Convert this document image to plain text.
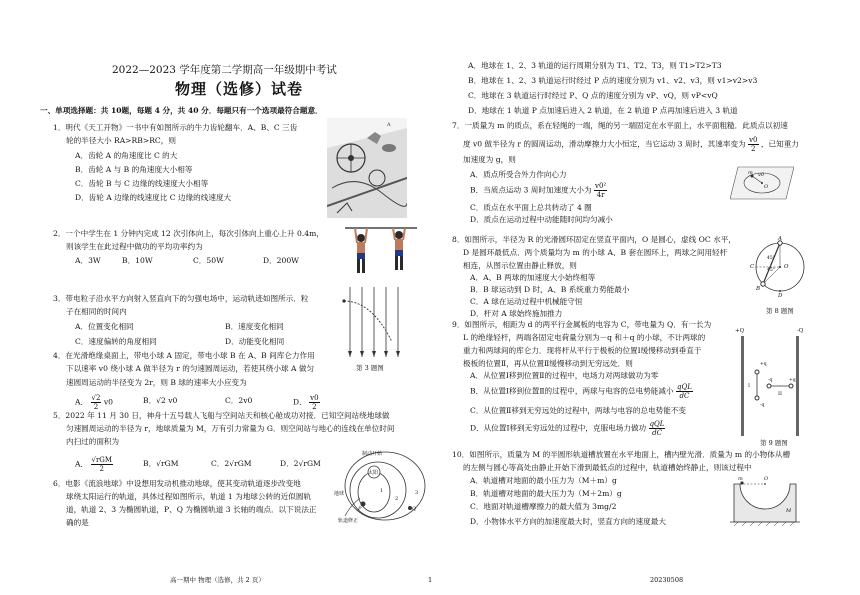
2022—2023 学年度第二学期高一年级期中考试
物理（选修）试卷
一、单项选择题：共 10题，每题 4 分，共 40 分．每题只有一个选项最符合题意．
1．明代《天工开物》一书中有如图所示的牛力齿轮翻车．A、B、C 三齿
轮的半径大小 RA>RB>RC，则
A．齿轮 A 的角速度比 C 的大
B．齿轮 A 与 B 的角速度大小相等
C．齿轮 B 与 C 边缘的线速度大小相等
D．齿轮 A 边缘的线速度比 C 边缘的线速度大
A
2．一个中学生在 1 分钟内完成 12 次引体向上，每次引体向上重心上升 0.4m，
则该学生在此过程中做功的平均功率约为
A．3W	B．10W	C．50W	D．200W
3．带电粒子沿水平方向射入竖直向下的匀强电场中，运动轨迹如图所示．粒
子在相同的时间内
A．位置变化相同	B．速度变化相同
C．速度偏转的角度相同	D．动能变化相同
第 3 题图
4．在光滑绝缘桌面上，带电小球 A 固定，带电小球 B 在 A、B 间库仑力作用
下以速率 v0 绕小球 A 做半径为 r 的匀速圆周运动，若使其绕小球 A 做匀
速圆周运动的半径变为 2r，则 B 球的速率大小应变为
A． $\frac{√2}{2} v0$	B．√2 v0	C．2v0	D． $\frac{v0}{2}$
5．2022 年 11 月 30 日，神舟十五号载人飞船与空间站天和核心舱成功对接．已知空间站绕地球做
匀速圆周运动的半径为 r，地球质量为 M，万有引力常量为 G．则空间站与地心的连线在单位时间
内扫过的面积为
A． √rGM
2
B．√rGM	C．2√rGM	D．2√rGM
6．电影《流浪地球》中设想用发动机推动地球，使其变动轨道逐步改变地
球绕太阳运行的轨道，具体过程如图所示，轨道 1 为地球公转的近似圆轨
道，轨道 2、3 为椭圆轨道，P、Q 为椭圆轨道 3 长轴的端点．以下说法正
确的是
制动开始
太阳
地球
轨道修正
P	Q
1
2
3
高一期中 物理（选修，共 2 页）	1	20230508
A．地球在 1、2、3 轨道的运行周期分别为 T1、T2、T3，则 T1>T2>T3
B．地球在 1、2、3 轨道运行时经过 P 点的速度分别为 v1、v2、v3，则 v1>v2>v3
C．地球在 3 轨道运行时经过 P、Q 点的速度分别为 vP、vQ，则 vP<vQ
D．地球在 1 轨道 P 点加速后进入 2 轨道，在 2 轨道 P 点再加速后进入 3 轨道
7．一质量为 m 的质点，系在轻绳的一端，绳的另一端固定在水平面上，水平面粗糙．此质点以初速
度 v0 做半径为 r 的圆周运动，滑动摩擦力大小恒定，当它运动 3 周时，其速率变为 $\frac{v0}{2}$ ，已知重力
加速度为 g，则
A．质点所受合外力作向心力
B．当质点运动 3 周时加速度大小为 $\frac{\text{v0²}}{4r}$
C．质点在水平面上总共转动了 4 圈
D．质点在运动过程中动能随时间均匀减小
m v0
O
8．如图所示，半径为 R 的光滑圆环固定在竖直平面内，O 是圆心，虚线 OC 水平，
D 是圆环最低点．两个质量均为 m 的小球 A、B 套在圆环上，两球之间用轻杆
相连，从图示位置由静止释放，则
A．A、B 两球的加速度大小始终相等
B．B 球运动到 D 时，A、B 系统重力势能最小
C．A 球在运动过程中机械能守恒
D．杆对 A 球始终施加推力
A
B
C
D
O
45°
45°
第 8 题图
9．如图所示，相距为 d 的两平行金属板的电容为 C，带电量为 Q．有一长为
L 的绝缘轻杆，两端各固定电荷量分别为－q 和＋q 的小球，不计两球的
重力和两球间的库仑力．现将杆从平行于极板的位置Ⅰ缓慢移动到垂直于
极板的位置Ⅱ，再从位置Ⅱ缓慢移动到无穷远处．则
A．从位置Ⅰ移到位置Ⅱ的过程中，电场力对两球做功为零
B．从位置Ⅰ移到位置Ⅱ的过程中，两球与电容的总电势能减小 qQL
dC
C．从位置Ⅱ移到无穷远处的过程中，两球与电容的总电势能不变
D．从位置Ⅰ移到无穷远处的过程中，克服电场力做功 qQL
dC
+Q	-Q
+q
-q
-q	+q
I
II
第 9 题图
10．如图所示，质量为 M 的半圆形轨道槽放置在水平地面上，槽内壁光滑．质量为 m 的小物体从槽
的左侧与圆心等高处由静止开始下滑到最低点的过程中，轨道槽始终静止，则该过程中
A．轨道槽对地面的最小压力为（M＋m）g
B．轨道槽对地面的最大压力为（M＋2m）g
C．地面对轨道槽摩擦力的最大值为 3mg/2
D．小物体水平方向的加速度最大时，竖直方向的速度最大
m	O
M
